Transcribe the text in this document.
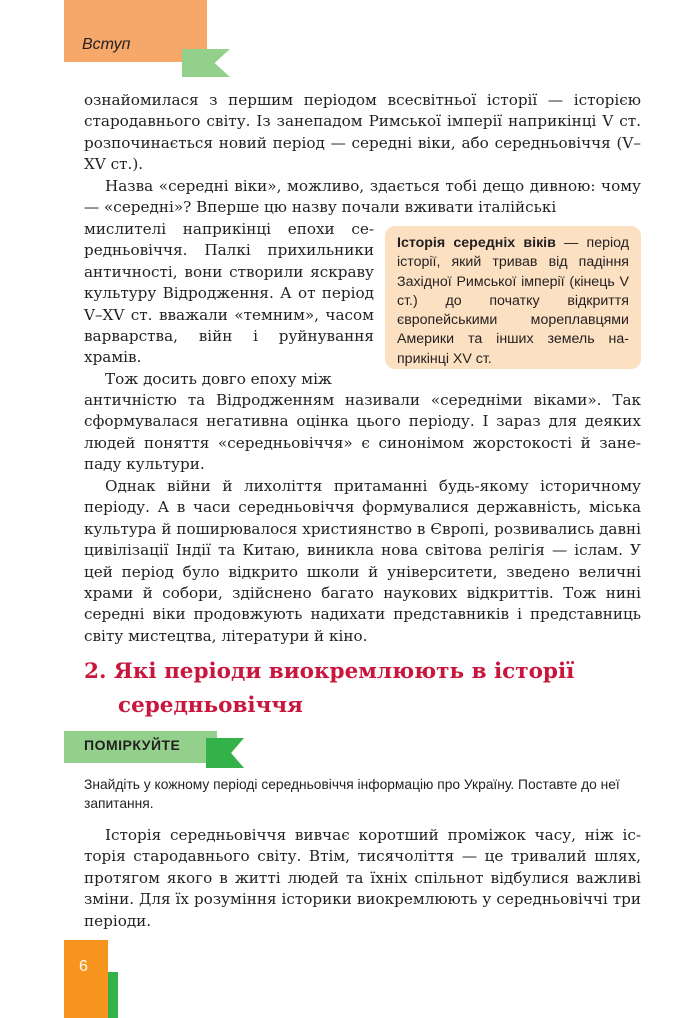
Вступ

ознайомилася з першим періодом всесвітньої історії — історією стародавнього світу. Із занепадом Римської імперії наприкінці V ст. розпочинається новий період — середні віки, або середньовіччя (V–XV ст.).

Назва «середні віки», можливо, здається тобі дещо дивною: чому — «середні»? Вперше цю назву почали вживати італійські

мислителі наприкінці епохи середньовіччя. Палкі прихильники античності, вони створили яскраву культуру Відродження. А от період V–XV ст. вважали «темним», часом варварства, війн і руйнування храмів.

Історія середніх віків — період історії, який тривав від падіння Західної Римської імперії (кінець V ст.) до початку відкриття європейськими мореплавцями Америки та інших земель наприкінці XV ст.

Тож досить довго епоху між

античністю та Відродженням називали «середніми віками». Так сформувалася негативна оцінка цього періоду. І зараз для деяких людей поняття «середньовіччя» є синонімом жорстокості й занепаду культури.

Однак війни й лихоліття притаманні будь-якому історичному періоду. А в часи середньовіччя формувалися державність, міська культура й поширювалося християнство в Європі, розвивались давні цивілізації Індії та Китаю, виникла нова світова релігія — іслам. У цей період було відкрито школи й університети, зведено величні храми й собори, здійснено багато наукових відкриттів. Тож нині середні віки продовжують надихати представників і представниць світу мистецтва, літератури й кіно.

2. Які періоди виокремлюють в історії
середньовіччя
ПОМІРКУЙТЕ
Знайдіть у кожному періоді середньовіччя інформацію про Україну. Поставте до неї запитання.

Історія середньовіччя вивчає коротший проміжок часу, ніж історія стародавнього світу. Втім, тисячоліття — це тривалий шлях, протягом якого в житті людей та їхніх спільнот відбулися важливі зміни. Для їх розуміння історики виокремлюють у середньовіччі три періоди.

6
